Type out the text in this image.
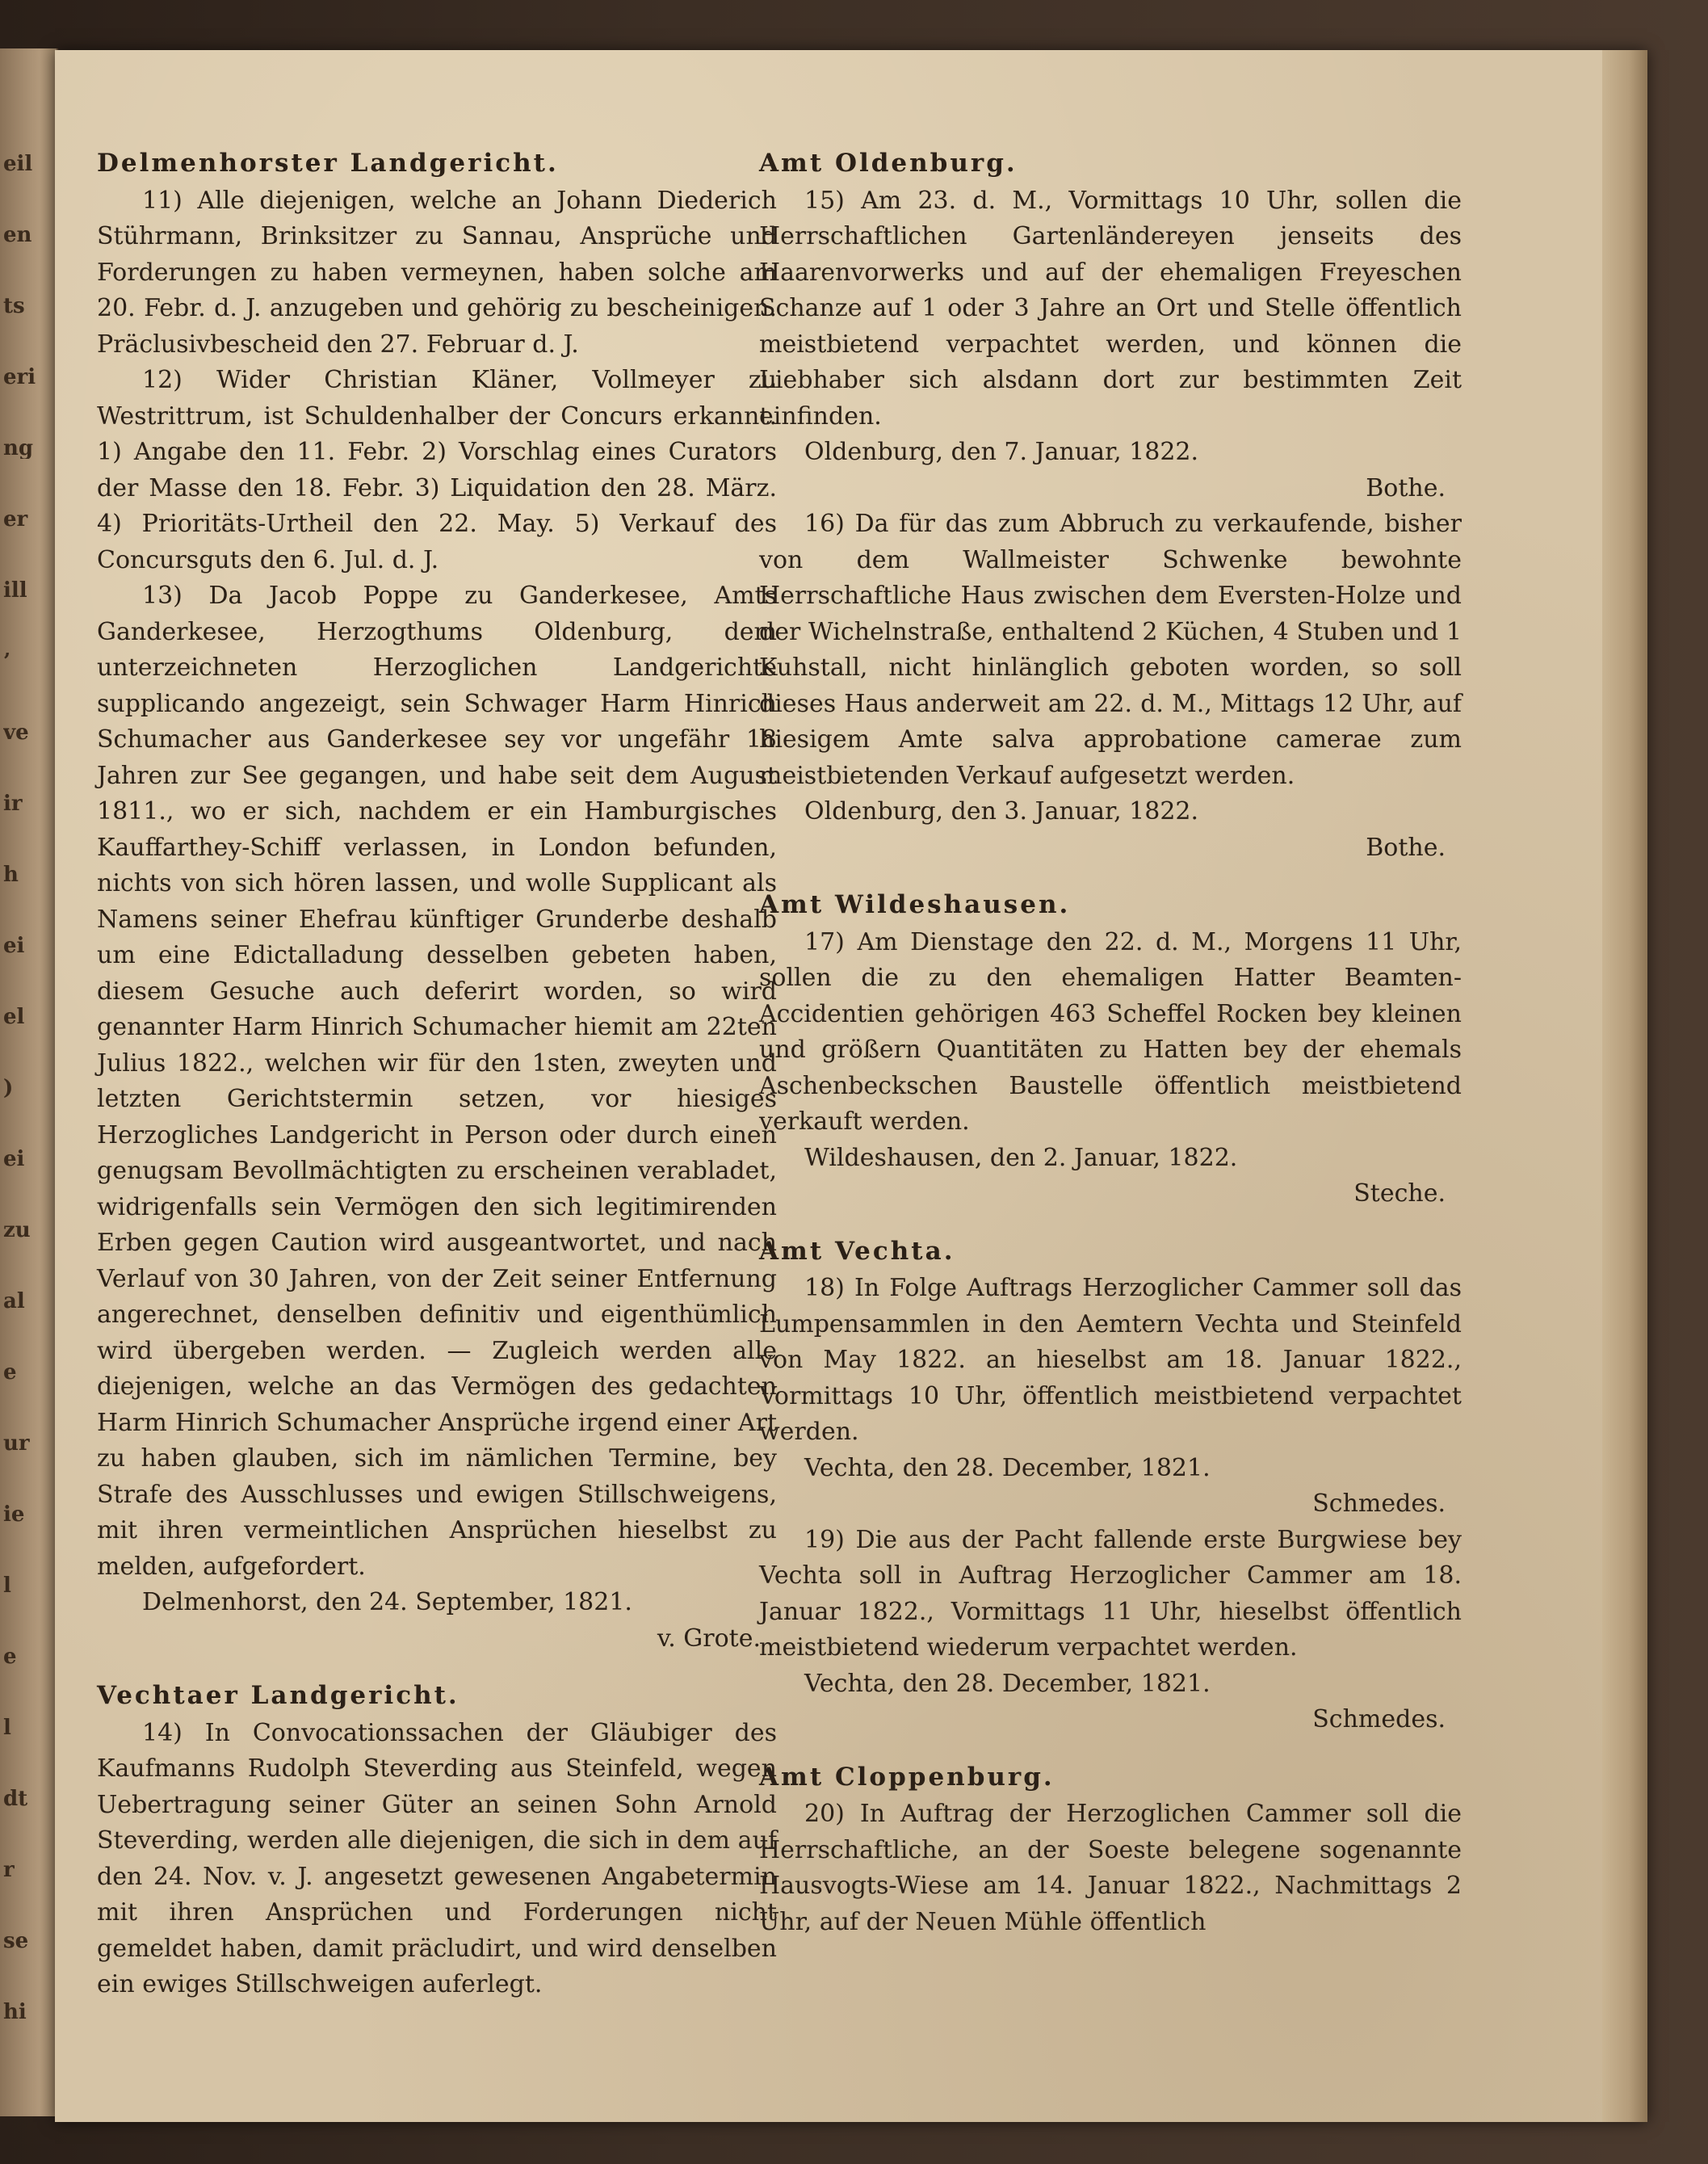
eil
en
ts
eri
ng
er
ill
’
ve
ir
h
ei
el
)
ei
zu
al
e
ur
ie
l
e
l
dt
r
se
hi
Delmenhorster Landgericht.
11) Alle diejenigen, welche an Johann Diederich Stührmann, Brinksitzer zu Sannau, Ansprüche und Forderungen zu haben vermeynen, haben solche am 20. Febr. d. J. anzugeben und gehörig zu bescheinigen. Präclusivbescheid den 27. Februar d. J.
12) Wider Christian Kläner, Vollmeyer zu Westrittrum, ist Schuldenhalber der Concurs erkannt. 1) Angabe den 11. Febr. 2) Vorschlag eines Curators der Masse den 18. Febr. 3) Liquidation den 28. März. 4) Prioritäts-Urtheil den 22. May. 5) Verkauf des Concursguts den 6. Jul. d. J.
13) Da Jacob Poppe zu Ganderkesee, Amts Ganderkesee, Herzogthums Oldenburg, dem unterzeichneten Herzoglichen Landgerichte supplicando angezeigt, sein Schwager Harm Hinrich Schumacher aus Ganderkesee sey vor ungefähr 18 Jahren zur See gegangen, und habe seit dem August 1811., wo er sich, nachdem er ein Hamburgisches Kauffarthey-Schiff verlassen, in London befunden, nichts von sich hören lassen, und wolle Supplicant als Namens seiner Ehefrau künftiger Grunderbe deshalb um eine Edictalladung desselben gebeten haben, diesem Gesuche auch deferirt worden, so wird genannter Harm Hinrich Schumacher hiemit am 22ten Julius 1822., welchen wir für den 1sten, zweyten und letzten Gerichtstermin setzen, vor hiesiges Herzogliches Landgericht in Person oder durch einen genugsam Bevollmächtigten zu erscheinen verabladet, widrigenfalls sein Vermögen den sich legitimirenden Erben gegen Caution wird ausgeantwortet, und nach Verlauf von 30 Jahren, von der Zeit seiner Entfernung angerechnet, denselben definitiv und eigenthümlich wird übergeben werden. — Zugleich werden alle diejenigen, welche an das Vermögen des gedachten Harm Hinrich Schumacher Ansprüche irgend einer Art zu haben glauben, sich im nämlichen Termine, bey Strafe des Ausschlusses und ewigen Stillschweigens, mit ihren vermeintlichen Ansprüchen hieselbst zu melden, aufgefordert.
Delmenhorst, den 24. September, 1821.
v. Grote.
Vechtaer Landgericht.
14) In Convocationssachen der Gläubiger des Kaufmanns Rudolph Steverding aus Steinfeld, wegen Uebertragung seiner Güter an seinen Sohn Arnold Steverding, werden alle diejenigen, die sich in dem auf den 24. Nov. v. J. angesetzt gewesenen Angabetermin mit ihren Ansprüchen und Forderungen nicht gemeldet haben, damit präcludirt, und wird denselben ein ewiges Stillschweigen auferlegt.
Amt Oldenburg.
15) Am 23. d. M., Vormittags 10 Uhr, sollen die Herrschaftlichen Gartenländereyen jenseits des Haarenvorwerks und auf der ehemaligen Freyeschen Schanze auf 1 oder 3 Jahre an Ort und Stelle öffentlich meistbietend verpachtet werden, und können die Liebhaber sich alsdann dort zur bestimmten Zeit einfinden.
Oldenburg, den 7. Januar, 1822.
Bothe.
16) Da für das zum Abbruch zu verkaufende, bisher von dem Wallmeister Schwenke bewohnte Herrschaftliche Haus zwischen dem Eversten-Holze und der Wichelnstraße, enthaltend 2 Küchen, 4 Stuben und 1 Kuhstall, nicht hinlänglich geboten worden, so soll dieses Haus anderweit am 22. d. M., Mittags 12 Uhr, auf hiesigem Amte salva approbatione camerae zum meistbietenden Verkauf aufgesetzt werden.
Oldenburg, den 3. Januar, 1822.
Bothe.
Amt Wildeshausen.
17) Am Dienstage den 22. d. M., Morgens 11 Uhr, sollen die zu den ehemaligen Hatter Beamten-Accidentien gehörigen 463 Scheffel Rocken bey kleinen und größern Quantitäten zu Hatten bey der ehemals Aschenbeckschen Baustelle öffentlich meistbietend verkauft werden.
Wildeshausen, den 2. Januar, 1822.
Steche.
Amt Vechta.
18) In Folge Auftrags Herzoglicher Cammer soll das Lumpensammlen in den Aemtern Vechta und Steinfeld von May 1822. an hieselbst am 18. Januar 1822., Vormittags 10 Uhr, öffentlich meistbietend verpachtet werden.
Vechta, den 28. December, 1821.
Schmedes.
19) Die aus der Pacht fallende erste Burgwiese bey Vechta soll in Auftrag Herzoglicher Cammer am 18. Januar 1822., Vormittags 11 Uhr, hieselbst öffentlich meistbietend wiederum verpachtet werden.
Vechta, den 28. December, 1821.
Schmedes.
Amt Cloppenburg.
20) In Auftrag der Herzoglichen Cammer soll die Herrschaftliche, an der Soeste belegene sogenannte Hausvogts-Wiese am 14. Januar 1822., Nachmittags 2 Uhr, auf der Neuen Mühle öffentlich
